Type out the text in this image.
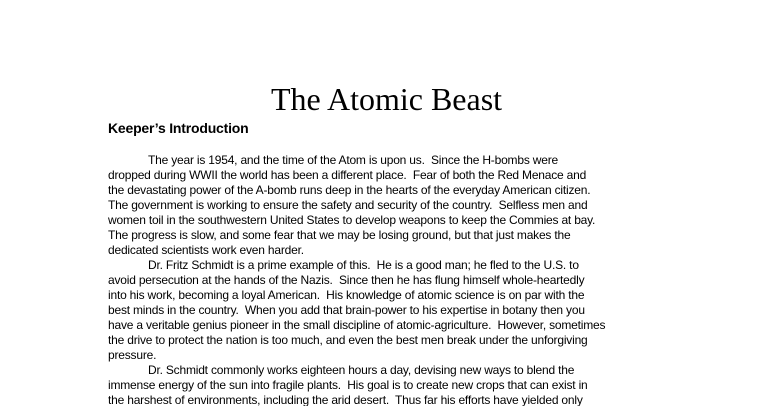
The Atomic Beast
Keeper’s Introduction
The year is 1954, and the time of the Atom is upon us.  Since the H-bombs were
dropped during WWII the world has been a different place.  Fear of both the Red Menace and
the devastating power of the A-bomb runs deep in the hearts of the everyday American citizen.
The government is working to ensure the safety and security of the country.  Selfless men and
women toil in the southwestern United States to develop weapons to keep the Commies at bay.
The progress is slow, and some fear that we may be losing ground, but that just makes the
dedicated scientists work even harder.
Dr. Fritz Schmidt is a prime example of this.  He is a good man; he fled to the U.S. to
avoid persecution at the hands of the Nazis.  Since then he has flung himself whole-heartedly
into his work, becoming a loyal American.  His knowledge of atomic science is on par with the
best minds in the country.  When you add that brain-power to his expertise in botany then you
have a veritable genius pioneer in the small discipline of atomic-agriculture.  However, sometimes
the drive to protect the nation is too much, and even the best men break under the unforgiving
pressure.
Dr. Schmidt commonly works eighteen hours a day, devising new ways to blend the
immense energy of the sun into fragile plants.  His goal is to create new crops that can exist in
the harshest of environments, including the arid desert.  Thus far his efforts have yielded only
